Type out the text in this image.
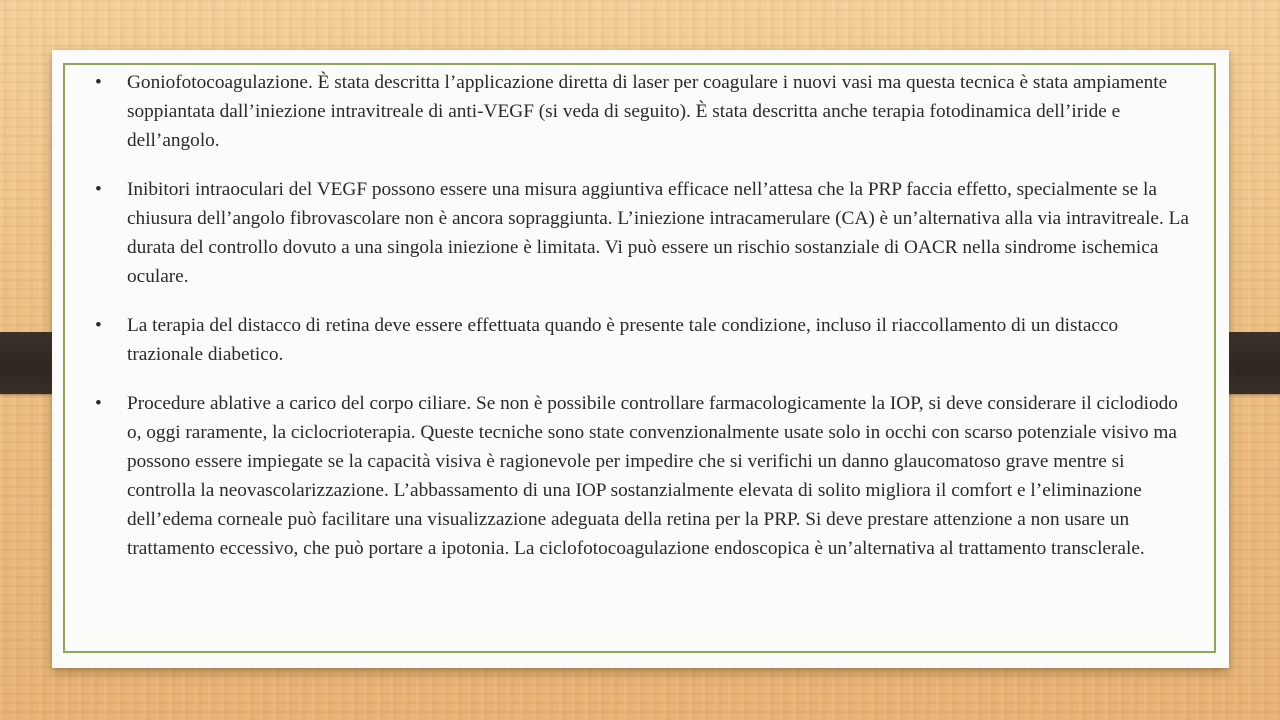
•	Goniofotocoagulazione. È stata descritta l’applicazione diretta di laser per coagulare i nuovi vasi ma questa tecnica è stata ampiamente soppiantata dall’iniezione intravitreale di anti-VEGF (si veda di seguito). È stata descritta anche terapia fotodinamica dell’iride e dell’angolo.
•	Inibitori intraoculari del VEGF possono essere una misura aggiuntiva efficace nell’attesa che la PRP faccia effetto, specialmente se la chiusura dell’angolo fibrovascolare non è ancora sopraggiunta. L’iniezione intracamerulare (CA) è un’alternativa alla via intravitreale. La durata del controllo dovuto a una singola iniezione è limitata. Vi può essere un rischio sostanziale di OACR nella sindrome ischemica oculare.
•	La terapia del distacco di retina deve essere effettuata quando è presente tale condizione, incluso il riaccollamento di un distacco trazionale diabetico.
•	Procedure ablative a carico del corpo ciliare. Se non è possibile controllare farmacologicamente la IOP, si deve considerare il ciclodiodo o, oggi raramente, la ciclocrioterapia. Queste tecniche sono state convenzionalmente usate solo in occhi con scarso potenziale visivo ma possono essere impiegate se la capacità visiva è ragionevole per impedire che si verifichi un danno glaucomatoso grave mentre si controlla la neovascolarizzazione. L’abbassamento di una IOP sostanzialmente elevata di solito migliora il comfort e l’eliminazione dell’edema corneale può facilitare una visualizzazione adeguata della retina per la PRP. Si deve prestare attenzione a non usare un trattamento eccessivo, che può portare a ipotonia. La ciclofotocoagulazione endoscopica è un’alternativa al trattamento transclerale.
